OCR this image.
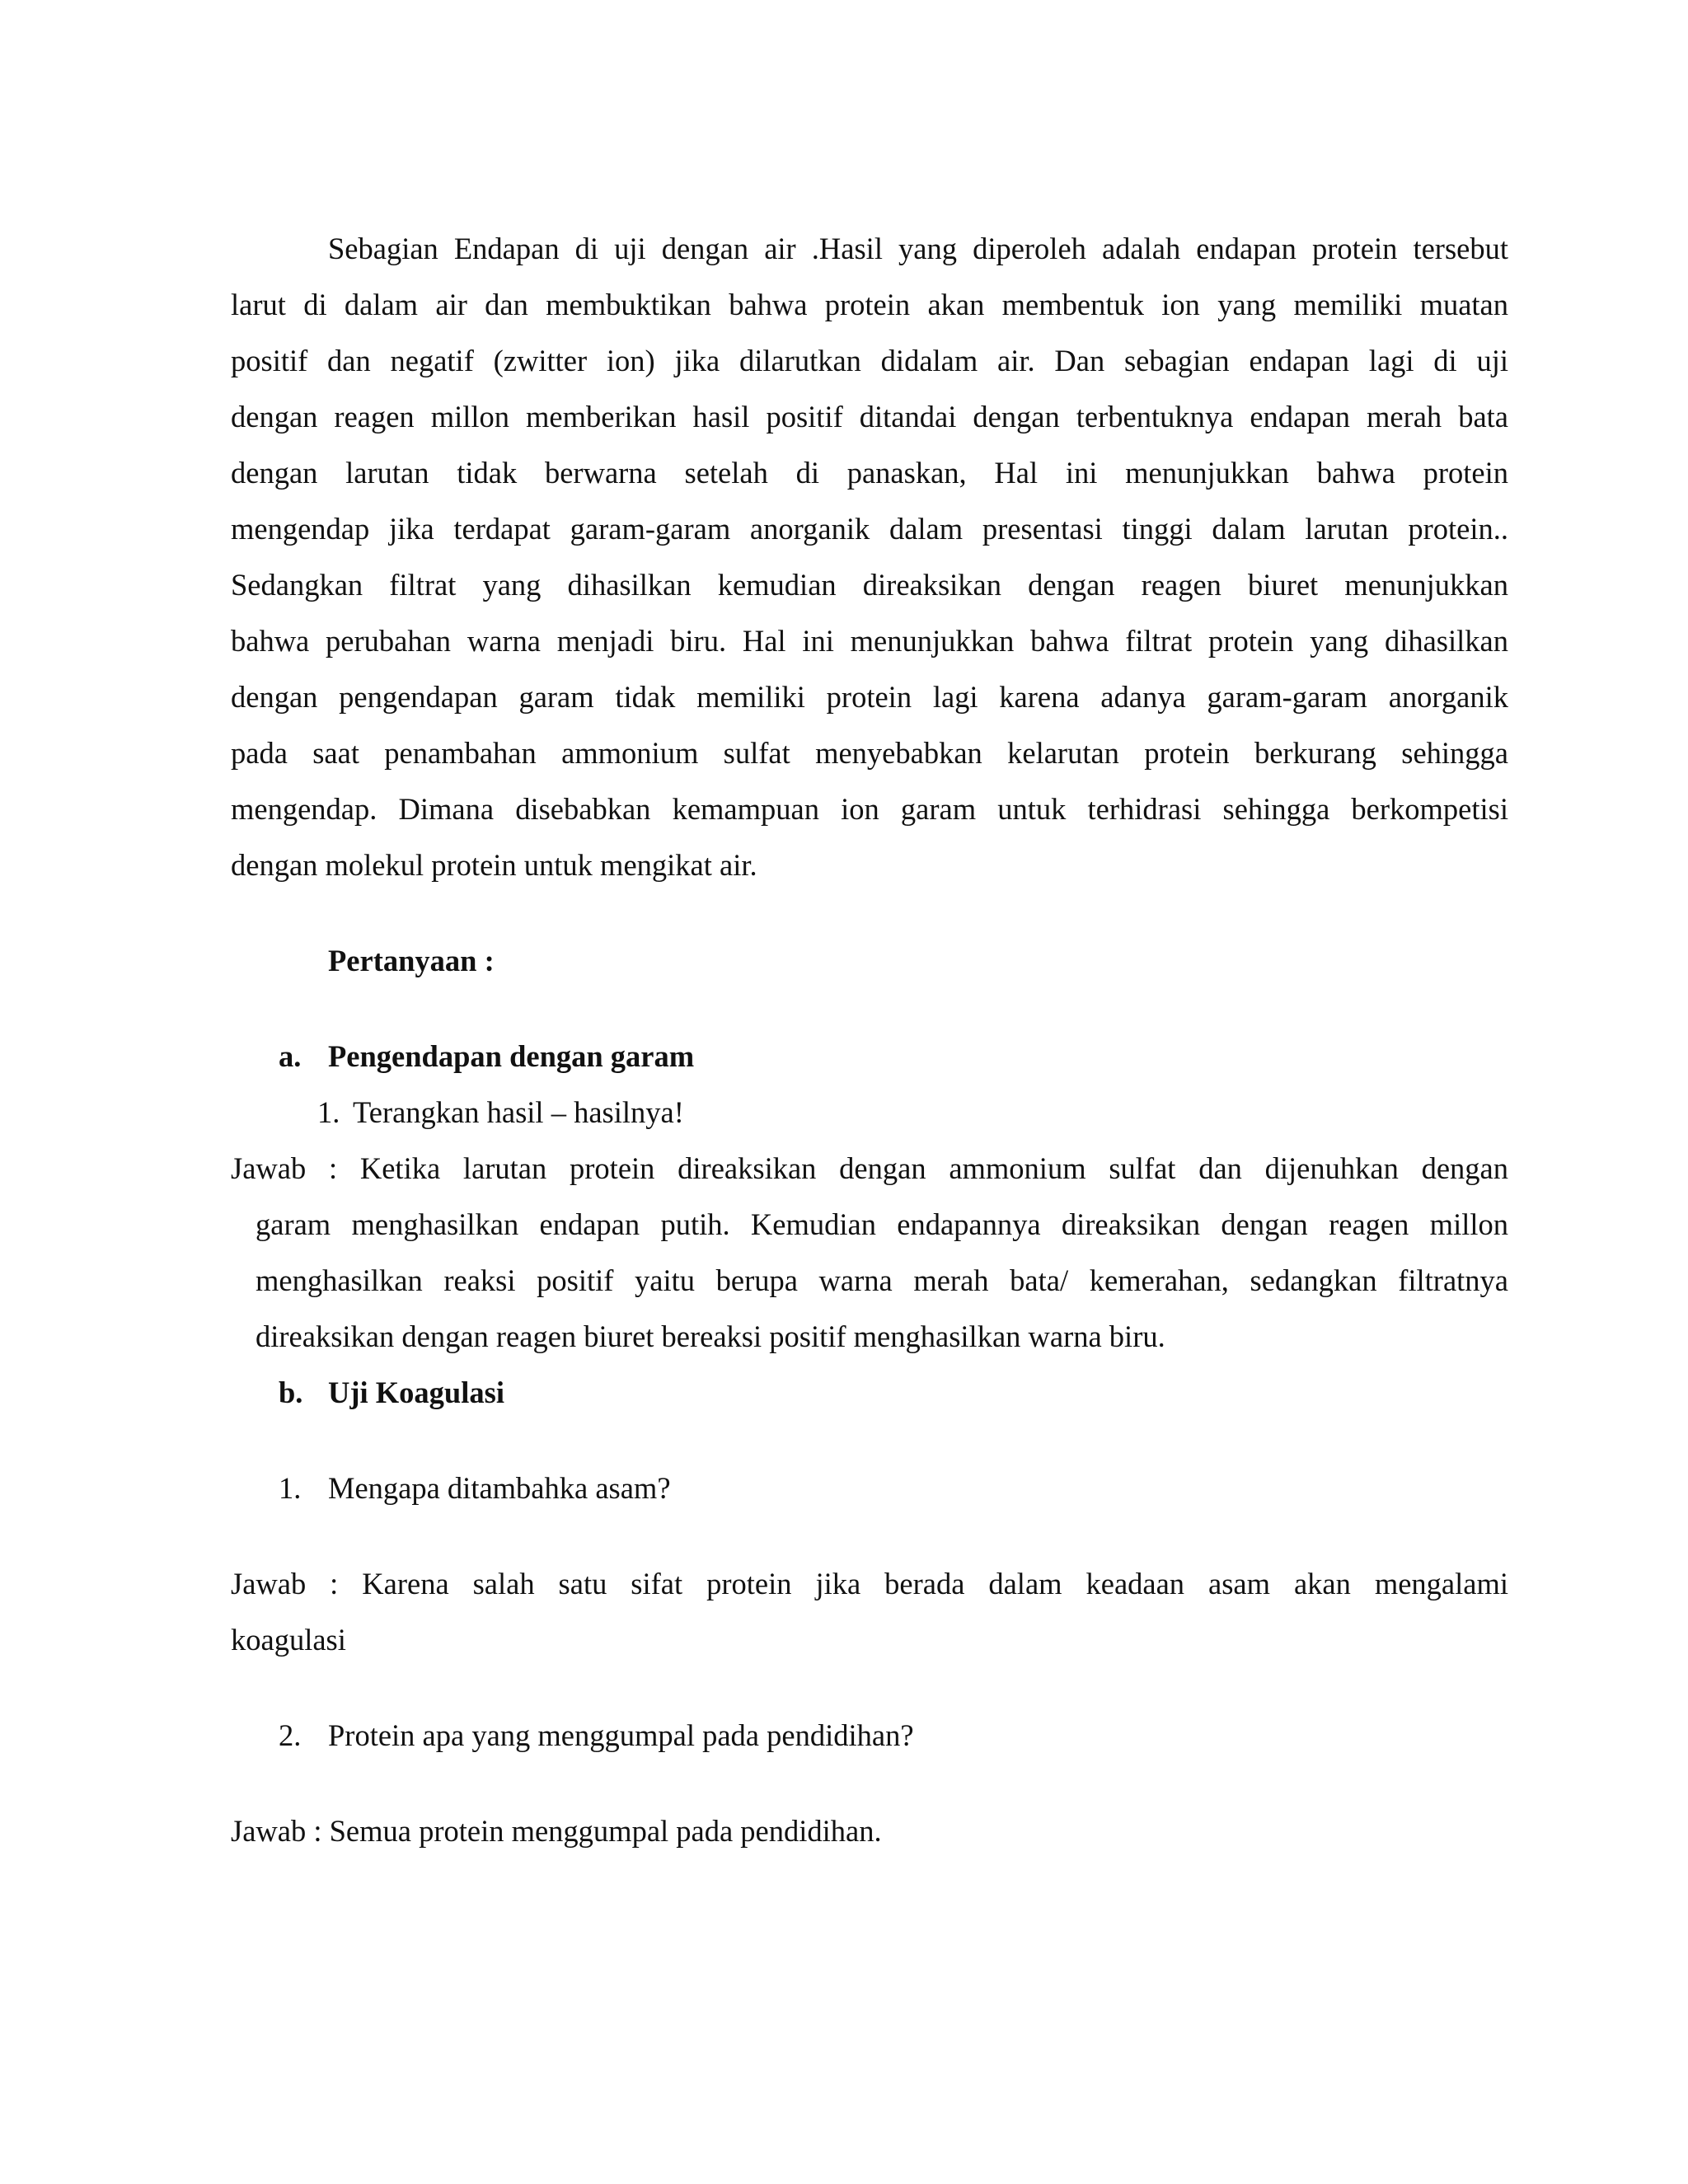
Sebagian Endapan di uji dengan air .Hasil yang diperoleh adalah endapan protein tersebut
larut di dalam air dan membuktikan bahwa protein akan membentuk ion yang memiliki muatan
positif dan negatif (zwitter ion) jika dilarutkan didalam air. Dan sebagian endapan lagi di uji
dengan reagen millon memberikan hasil positif ditandai dengan terbentuknya endapan merah bata
dengan larutan tidak berwarna setelah di panaskan, Hal ini menunjukkan bahwa protein
mengendap jika terdapat garam-garam anorganik dalam presentasi tinggi dalam larutan protein..
Sedangkan filtrat yang dihasilkan kemudian direaksikan dengan reagen biuret menunjukkan
bahwa perubahan warna menjadi biru. Hal ini menunjukkan bahwa filtrat protein yang dihasilkan
dengan pengendapan garam tidak memiliki protein lagi karena adanya garam-garam anorganik
pada saat penambahan ammonium sulfat menyebabkan kelarutan protein berkurang sehingga
mengendap. Dimana disebabkan kemampuan ion garam untuk terhidrasi sehingga berkompetisi
dengan molekul protein untuk mengikat air.
Pertanyaan :
a. Pengendapan dengan garam
1. Terangkan hasil – hasilnya!
Jawab : Ketika larutan protein direaksikan dengan ammonium sulfat dan dijenuhkan dengan
garam menghasilkan endapan putih. Kemudian endapannya direaksikan dengan reagen millon
menghasilkan reaksi positif yaitu berupa warna merah bata/ kemerahan, sedangkan filtratnya
direaksikan dengan reagen biuret bereaksi positif menghasilkan warna biru.
b. Uji Koagulasi
1. Mengapa ditambahka asam?
Jawab : Karena salah satu sifat protein jika berada dalam keadaan asam akan mengalami
koagulasi
2. Protein apa yang menggumpal pada pendidihan?
Jawab : Semua protein menggumpal pada pendidihan.
